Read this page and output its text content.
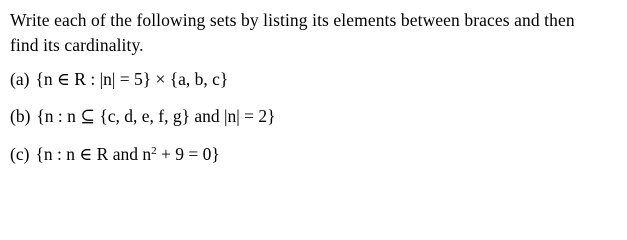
Write each of the following sets by listing its elements between braces and then
find its cardinality.

(a) {n ∈ R : |n| = 5} × {a, b, c}

(b) {n : n ⊆ {c, d, e, f, g} and |n| = 2}

(c) {n : n ∈ R and $n^2 + 9 = 0$}
